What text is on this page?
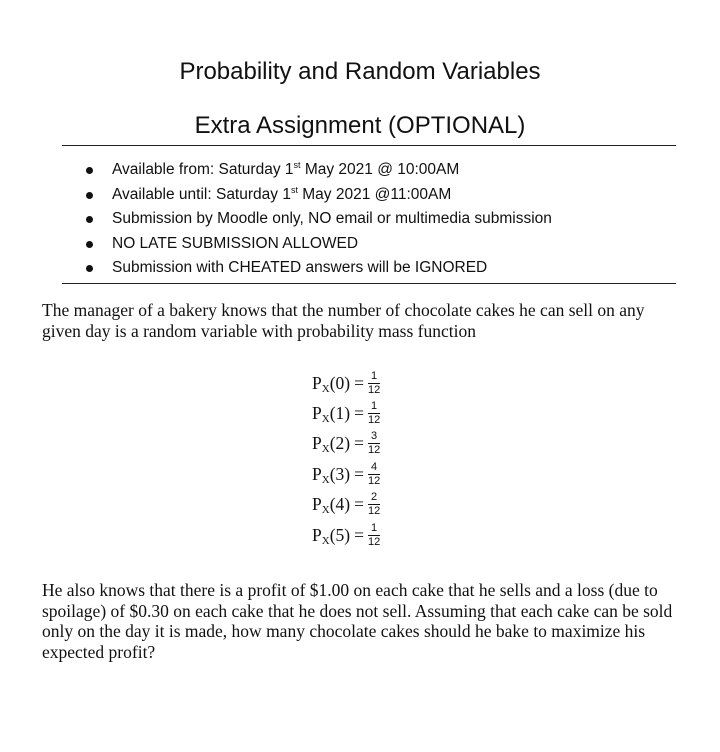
Probability and Random Variables
Extra Assignment (OPTIONAL)
Available from: Saturday 1st May 2021 @ 10:00AM
Available until: Saturday 1st May 2021 @11:00AM
Submission by Moodle only, NO email or multimedia submission
NO LATE SUBMISSION ALLOWED
Submission with CHEATED answers will be IGNORED

The manager of a bakery knows that the number of chocolate cakes he can sell on any given day is a random variable with probability mass function

$P_X(0) = \frac{1}{12}$
$P_X(1) = \frac{1}{12}$
$P_X(2) = \frac{3}{12}$
$P_X(3) = \frac{4}{12}$
$P_X(4) = \frac{2}{12}$
$P_X(5) = \frac{1}{12}$

He also knows that there is a profit of $1.00 on each cake that he sells and a loss (due to spoilage) of $0.30 on each cake that he does not sell. Assuming that each cake can be sold only on the day it is made, how many chocolate cakes should he bake to maximize his expected profit?
